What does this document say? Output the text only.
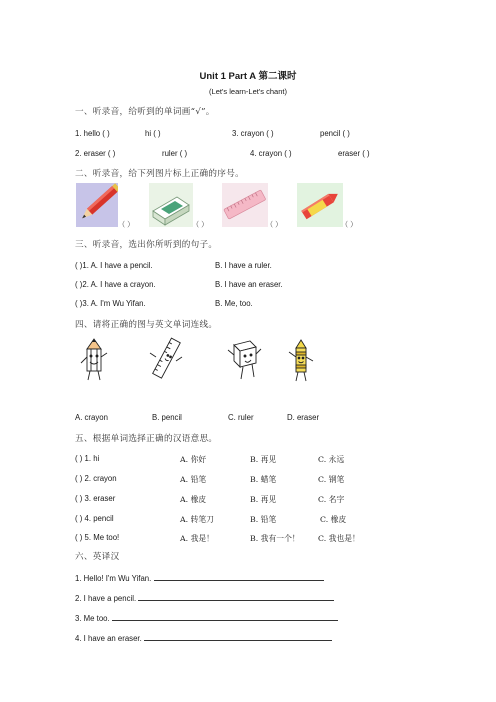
Unit 1 Part A 第二课时
(Let's learn-Let's chant)
一、听录音，给听到的单词画“√”。
1. hello ( )	hi ( )	3. crayon ( )	pencil ( )
2. eraser ( )	ruler ( )	4. crayon ( )	eraser ( )
二、听录音，给下列图片标上正确的序号。
（ ）	（ ）	（ ）	（ ）
三、听录音，选出你所听到的句子。
( )1. A. I have a pencil.	B. I have a ruler.
( )2. A. I have a crayon.	B. I have an eraser.
( )3. A. I'm Wu Yifan.	B. Me, too.
四、请将正确的图与英文单词连线。
A. crayon	B. pencil	C. ruler	D. eraser
五、根据单词选择正确的汉语意思。
( ) 1. hi	A. 你好	B. 再见	C. 永远
( ) 2. crayon	A. 铅笔	B. 蜡笔	C. 钢笔
( ) 3. eraser	A. 橡皮	B. 再见	C. 名字
( ) 4. pencil	A. 转笔刀	B. 铅笔	C. 橡皮
( ) 5. Me too!	A. 我是！	B. 我有一个！ C. 我也是！
六、英译汉
1. Hello! I'm Wu Yifan.
2. I have a pencil.
3. Me too.
4. I have an eraser.
